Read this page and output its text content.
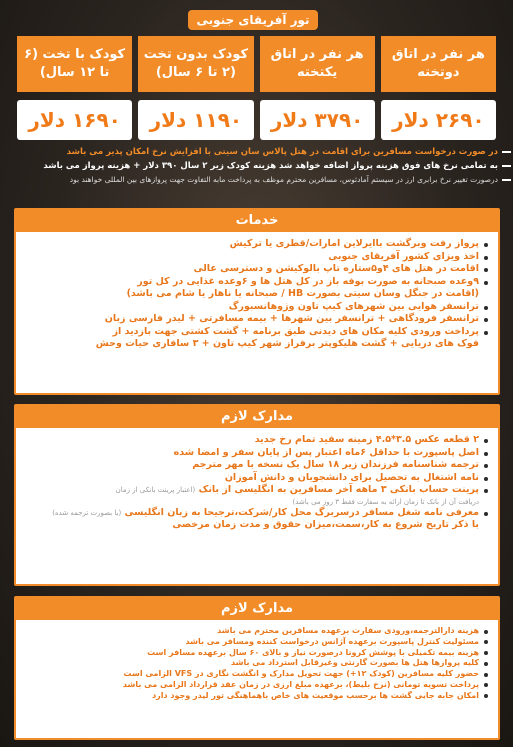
تور آفریقای جنوبی
هر نفر در اتاق دوتخته
۲۶۹۰ دلار
هر نفر در اتاق یکتخته
۳۷۹۰ دلار
کودک بدون تخت (۲ تا ۶ سال)
۱۱۹۰ دلار
کودک با تخت (۶ تا ۱۲ سال)
۱۶۹۰ دلار
در صورت درخواست مسافرین برای اقامت در هتل پالاس سان سیتی با افزایش نرخ امکان پذیر می باشد
به تمامی نرخ های فوق هزینه پرواز اضافه خواهد شد هزینه کودک زیر ۲ سال ۳۹۰ دلار + هزینه پرواز می باشد
درصورت تغییر نرخ برابری ارز در سیستم آماد‌ئوس، مسافرین محترم موظف به پرداخت مابه التفاوت جهت پروازهای بین المللی خواهند بود
خدمات
پرواز رفت وبرگشت باایرلاین امارات/قطری یا ترکیش
اخذ ویزای کشور آفریقای جنوبی
اقامت در هتل های ۴و۵ستاره تاپ بالوکیشن و دسترسی عالی
۹وعده صبحانه به صورت بوفه باز در کل هتل ها و ۶وعده غذایی در کل تور
(اقامت در جنگل وسان سیتی بصورت HB / صبحانه یا ناهار یا شام می باشد)
ترانسفر هوایی بین شهرهای کیپ تاون وژوهانسبورگ
ترانسفر فرودگاهی + ترانسفر بین شهرها + بیمه مسافرتی + لیدر فارسی زبان
پرداخت ورودی کلیه مکان های دیدنی طبق برنامه + گشت کشتی جهت بازدید از
فوک های دریایی + گشت هلیکوپتر برفراز شهر کیپ تاون + ۳ سافاری حیات وحش
مدارک لازم
۲ قطعه عکس ۳.۵*۴.۵ زمینه سفید تمام رخ جدید
اصل پاسپورت با حداقل ۶ماه اعتبار پس از پایان سفر و امضا شده
ترجمه شناسنامه فرزندان زیر ۱۸ سال یک نسخه با مهر مترجم
نامه اشتغال به تحصیل برای دانشجویان و دانش آموزان
پرینت حساب بانکی ۳ ماهه آخر مسافرین به انگلیسی از بانک (اعتبار پرینت بانکی از زمان
دریافت آن از بانک تا زمان ارائه به سفارت فقط ۳ روز می باشد)
معرفی نامه شغل مسافر درسربرگ محل کار/شرکت،ترجیحا به زبان انگلیسی (یا بصورت ترجمه شده)
با ذکر تاریخ شروع به کار،سمت،میزان حقوق و مدت زمان مرخصی
مدارک لازم
هزینه دارالترجمه،ورودی سفارت برعهده مسافرین محترم می باشد
مسئولیت کنترل پاسپورت برعهده آژانس درخواست کننده ومسافر می باشد
هزینه بیمه تکمیلی با پوشش کرونا درصورت نیاز و بالای ۶۰ سال برعهده مسافر است
کلیه پروازها هتل ها بصورت گارنتی وغیرقابل استرداد می باشد
حضور کلیه مسافرین (کودک ۱۲+) جهت تحویل مدارک و انگشت نگاری در VFS الزامی است
پرداخت تسویه تومانی (نرخ بلیط)، برعهده مبلغ ارزی در زمان عقد قرارداد الزامی می باشد
امکان جابه جایی گشت ها برحسب موقعیت های خاص باهماهنگی تور لیدر وجود دارد
